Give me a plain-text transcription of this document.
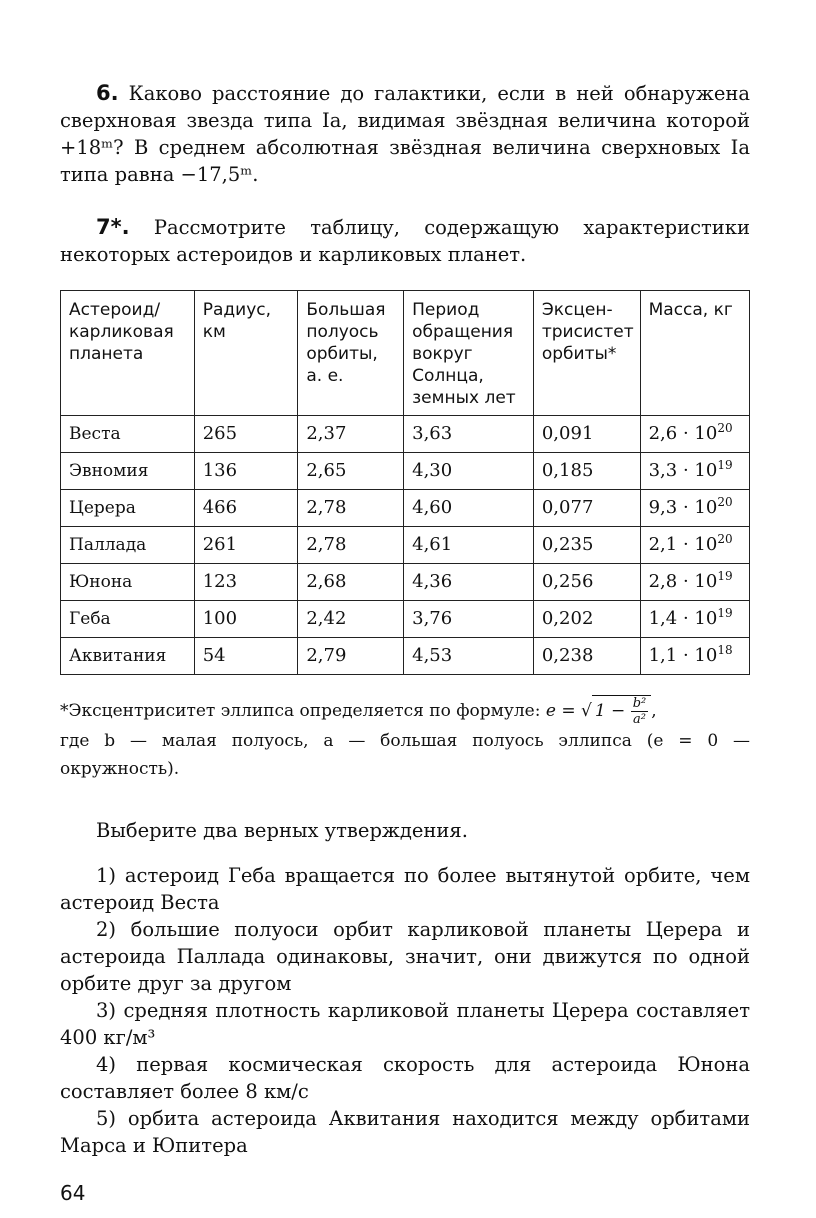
6. Каково расстояние до галактики, если в ней обнаружена сверхновая звезда типа Ia, видимая звёздная величина которой +18ᵐ? В среднем абсолютная звёздная величина сверхновых Ia типа равна −17,5ᵐ.

7*. Рассмотрите таблицу, содержащую характеристики некоторых астероидов и карликовых планет.

Астероид/ карликовая планета	Радиус, км	Большая полуось орбиты, а. е.	Период обращения вокруг Солнца, земных лет	Эксцен-трисистет орбиты*	Масса, кг
Веста	265	2,37	3,63	0,091	$2,6 \cdot 10^{20}$
Эвномия	136	2,65	4,30	0,185	$3,3 \cdot 10^{19}$
Церера	466	2,78	4,60	0,077	$9,3 \cdot 10^{20}$
Паллада	261	2,78	4,61	0,235	$2,1 \cdot 10^{20}$
Юнона	123	2,68	4,36	0,256	$2,8 \cdot 10^{19}$
Геба	100	2,42	3,76	0,202	$1,4 \cdot 10^{19}$
Аквитания	54	2,79	4,53	0,238	$1,1 \cdot 10^{18}$
*Эксцентриситет эллипса определяется по формуле: e = √ $1 - \frac{\text{b²}}{\text{a²}}$ ,
где b — малая полуось, a — большая полуось эллипса (e = 0 — окружность).

Выберите два верных утверждения.

1) астероид Геба вращается по более вытянутой орбите, чем астероид Веста

2) большие полуоси орбит карликовой планеты Церера и астероида Паллада одинаковы, значит, они движутся по одной орбите друг за другом

3) средняя плотность карликовой планеты Церера составляет 400 кг/м³

4) первая космическая скорость для астероида Юнона составляет более 8 км/с

5) орбита астероида Аквитания находится между орбитами Марса и Юпитера

64
